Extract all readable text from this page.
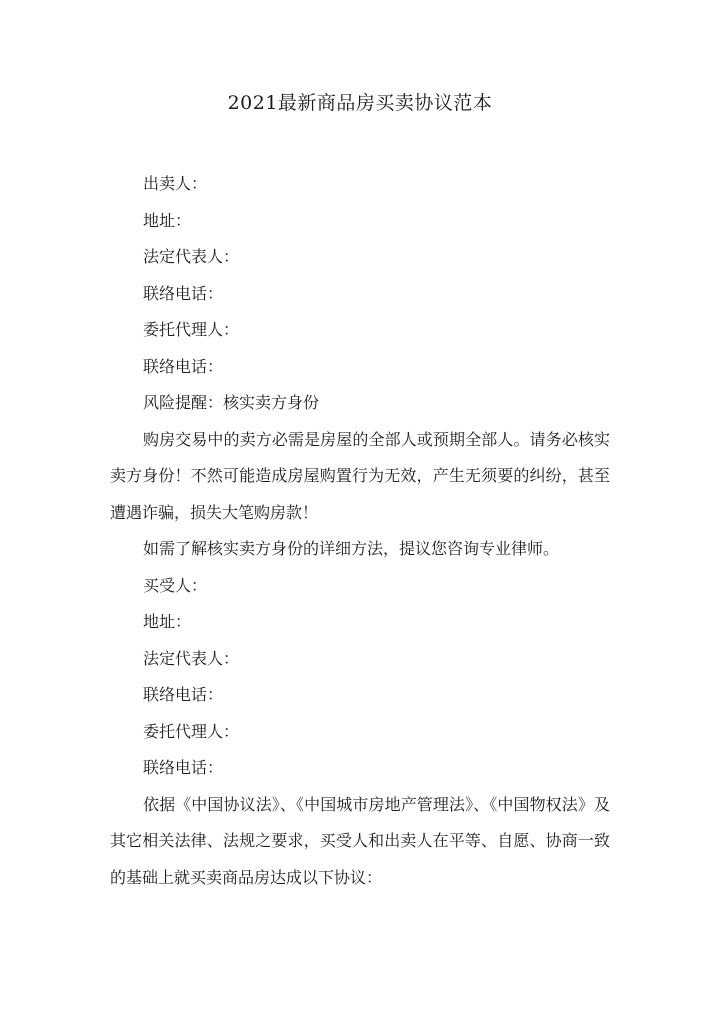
2021最新商品房买卖协议范本
出卖人：
地址：
法定代表人：
联络电话：
委托代理人：
联络电话：
风险提醒：核实卖方身份
购房交易中的卖方必需是房屋的全部人或预期全部人。请务必核实卖方身份！不然可能造成房屋购置行为无效，产生无须要的纠纷，甚至遭遇诈骗，损失大笔购房款！
如需了解核实卖方身份的详细方法，提议您咨询专业律师。
买受人：
地址：
法定代表人：
联络电话：
委托代理人：
联络电话：
依据《中国协议法》、《中国城市房地产管理法》、《中国物权法》及其它相关法律、法规之要求，买受人和出卖人在平等、自愿、协商一致的基础上就买卖商品房达成以下协议：
